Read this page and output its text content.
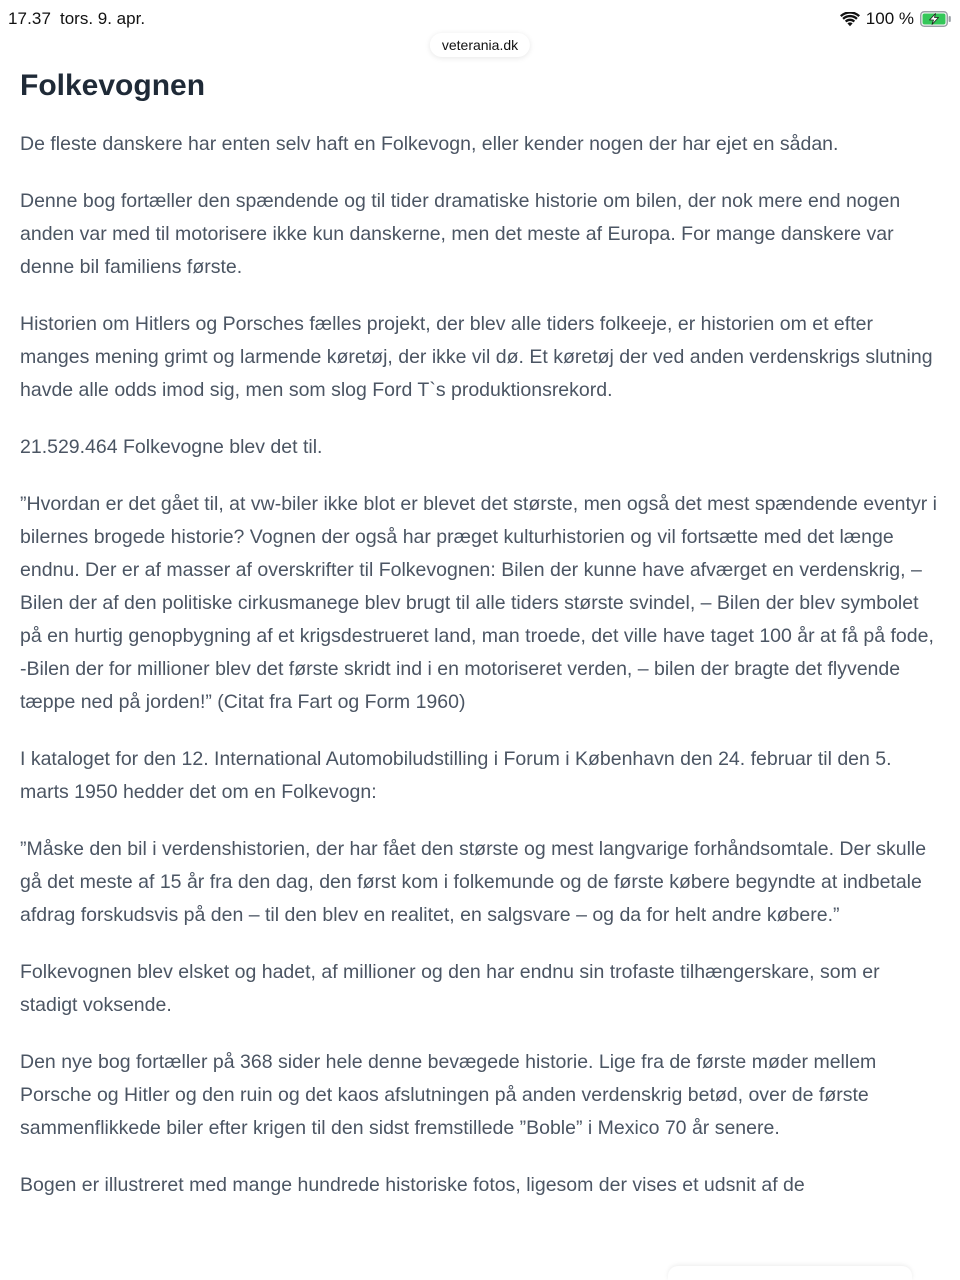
17.37 tors. 9. apr.	100 %
veterania.dk
Folkevognen

De fleste danskere har enten selv haft en Folkevogn, eller kender nogen der har ejet en sådan.

Denne bog fortæller den spændende og til tider dramatiske historie om bilen, der nok mere end nogen anden var med til motorisere ikke kun danskerne, men det meste af Europa. For mange danskere var denne bil familiens første.

Historien om Hitlers og Porsches fælles projekt, der blev alle tiders folkeeje, er historien om et efter manges mening grimt og larmende køretøj, der ikke vil dø. Et køretøj der ved anden verdenskrigs slutning havde alle odds imod sig, men som slog Ford T`s produktionsrekord.

21.529.464 Folkevogne blev det til.

”Hvordan er det gået til, at vw-biler ikke blot er blevet det største, men også det mest spændende eventyr i bilernes brogede historie? Vognen der også har præget kulturhistorien og vil fortsætte med det længe endnu. Der er af masser af overskrifter til Folkevognen: Bilen der kunne have afværget en verdenskrig, – Bilen der af den politiske cirkusmanege blev brugt til alle tiders største svindel, – Bilen der blev symbolet på en hurtig genopbygning af et krigsdestrueret land, man troede, det ville have taget 100 år at få på fode, -Bilen der for millioner blev det første skridt ind i en motoriseret verden, – bilen der bragte det flyvende tæppe ned på jorden!” (Citat fra Fart og Form 1960)

I kataloget for den 12. International Automobiludstilling i Forum i København den 24. februar til den 5. marts 1950 hedder det om en Folkevogn:

”Måske den bil i verdenshistorien, der har fået den største og mest langvarige forhåndsomtale. Der skulle gå det meste af 15 år fra den dag, den først kom i folkemunde og de første købere begyndte at indbetale afdrag forskudsvis på den – til den blev en realitet, en salgsvare – og da for helt andre købere.”

Folkevognen blev elsket og hadet, af millioner og den har endnu sin trofaste tilhængerskare, som er stadigt voksende.

Den nye bog fortæller på 368 sider hele denne bevægede historie. Lige fra de første møder mellem Porsche og Hitler og den ruin og det kaos afslutningen på anden verdenskrig betød, over de første sammenflikkede biler efter krigen til den sidst fremstillede ”Boble” i Mexico 70 år senere.

Bogen er illustreret med mange hundrede historiske fotos, ligesom der vises et udsnit af de
